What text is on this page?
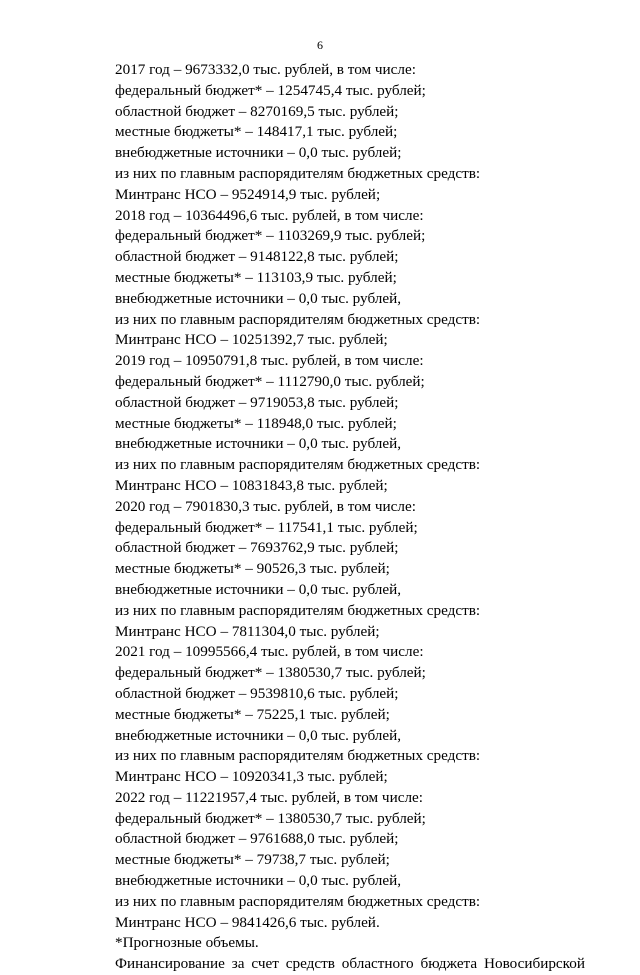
6
2017 год – 9673332,0 тыс. рублей, в том числе:
федеральный бюджет* – 1254745,4 тыс. рублей;
областной бюджет – 8270169,5 тыс. рублей;
местные бюджеты* – 148417,1 тыс. рублей;
внебюджетные источники – 0,0 тыс. рублей;
из них по главным распорядителям бюджетных средств:
Минтранс НСО – 9524914,9 тыс. рублей;
2018 год – 10364496,6 тыс. рублей, в том числе:
федеральный бюджет* – 1103269,9 тыс. рублей;
областной бюджет – 9148122,8 тыс. рублей;
местные бюджеты* – 113103,9 тыс. рублей;
внебюджетные источники – 0,0 тыс. рублей,
из них по главным распорядителям бюджетных средств:
Минтранс НСО – 10251392,7 тыс. рублей;
2019 год – 10950791,8 тыс. рублей, в том числе:
федеральный бюджет* – 1112790,0 тыс. рублей;
областной бюджет – 9719053,8 тыс. рублей;
местные бюджеты* – 118948,0 тыс. рублей;
внебюджетные источники – 0,0 тыс. рублей,
из них по главным распорядителям бюджетных средств:
Минтранс НСО – 10831843,8 тыс. рублей;
2020 год – 7901830,3 тыс. рублей, в том числе:
федеральный бюджет* – 117541,1 тыс. рублей;
областной бюджет – 7693762,9 тыс. рублей;
местные бюджеты* – 90526,3 тыс. рублей;
внебюджетные источники – 0,0 тыс. рублей,
из них по главным распорядителям бюджетных средств:
Минтранс НСО – 7811304,0 тыс. рублей;
2021 год – 10995566,4 тыс. рублей, в том числе:
федеральный бюджет* – 1380530,7 тыс. рублей;
областной бюджет – 9539810,6 тыс. рублей;
местные бюджеты* – 75225,1 тыс. рублей;
внебюджетные источники – 0,0 тыс. рублей,
из них по главным распорядителям бюджетных средств:
Минтранс НСО – 10920341,3 тыс. рублей;
2022 год – 11221957,4 тыс. рублей, в том числе:
федеральный бюджет* – 1380530,7 тыс. рублей;
областной бюджет – 9761688,0 тыс. рублей;
местные бюджеты* – 79738,7 тыс. рублей;
внебюджетные источники – 0,0 тыс. рублей,
из них по главным распорядителям бюджетных средств:
Минтранс НСО – 9841426,6 тыс. рублей.
*Прогнозные объемы.
Финансирование за счет средств областного бюджета Новосибирской
